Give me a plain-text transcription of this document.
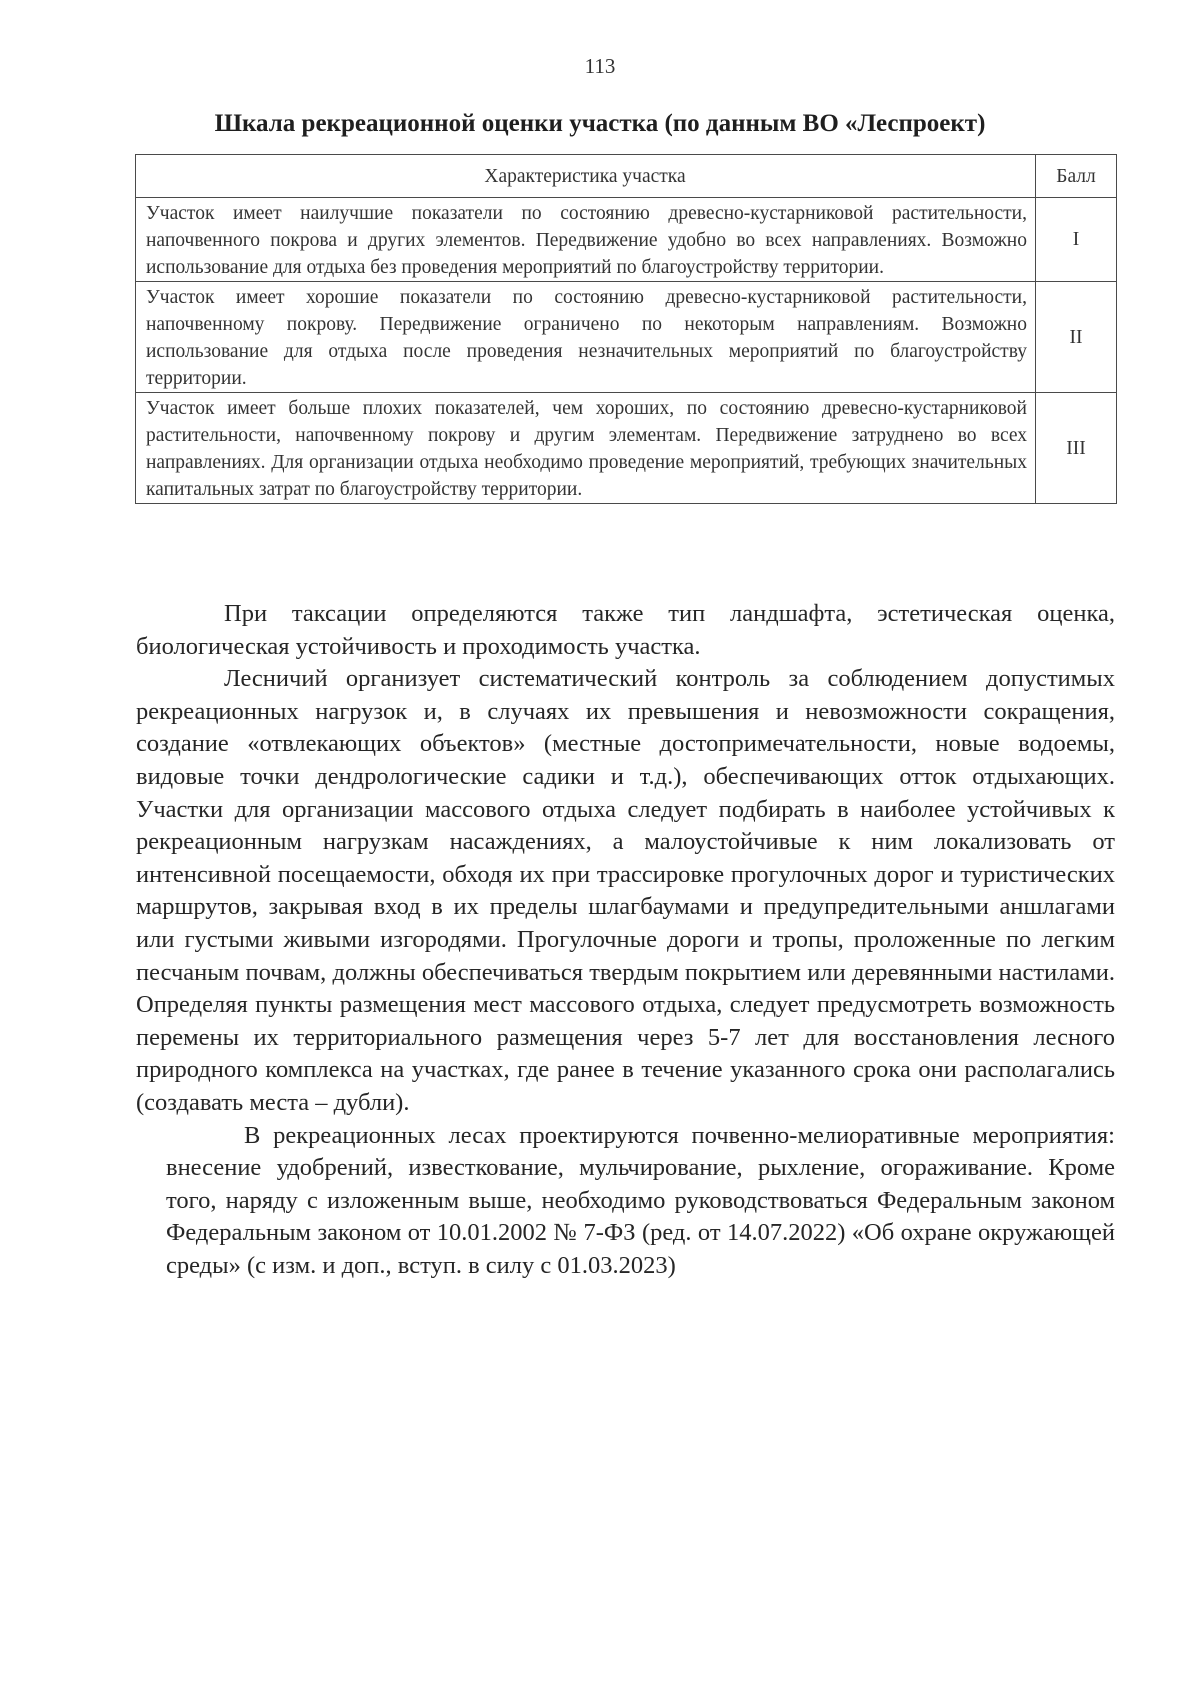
113
Шкала рекреационной оценки участка (по данным ВО «Леспроект)
Характеристика участка	Балл
Участок имеет наилучшие показатели по состоянию древесно-кустарниковой растительности, напочвенного покрова и других элементов. Передвижение удобно во всех направлениях. Возможно использование для отдыха без проведения мероприятий по благоустройству территории.	I
Участок имеет хорошие показатели по состоянию древесно-кустарниковой растительности, напочвенному покрову. Передвижение ограничено по некоторым направлениям. Возможно использование для отдыха после проведения незначительных мероприятий по благоустройству территории.	II
Участок имеет больше плохих показателей, чем хороших, по состоянию древесно-кустарниковой растительности, напочвенному покрову и другим элементам. Передвижение затруднено во всех направлениях. Для организации отдыха необходимо проведение мероприятий, требующих значительных капитальных затрат по благоустройству территории.	III

При таксации определяются также тип ландшафта, эстетическая оценка, биологическая устойчивость и проходимость участка.

Лесничий организует систематический контроль за соблюдением допустимых рекреационных нагрузок и, в случаях их превышения и невозможности сокращения, создание «отвлекающих объектов» (местные достопримечательности, новые водоемы, видовые точки дендрологические садики и т.д.), обеспечивающих отток отдыхающих. Участки для организации массового отдыха следует подбирать в наиболее устойчивых к рекреационным нагрузкам насаждениях, а малоустойчивые к ним локализовать от интенсивной посещаемости, обходя их при трассировке прогулочных дорог и туристических маршрутов, закрывая вход в их пределы шлагбаумами и предупредительными аншлагами или густыми живыми изгородями. Прогулочные дороги и тропы, проложенные по легким песчаным почвам, должны обеспечиваться твердым покрытием или деревянными настилами. Определяя пункты размещения мест массового отдыха, следует предусмотреть возможность перемены их территориального размещения через 5-7 лет для восстановления лесного природного комплекса на участках, где ранее в течение указанного срока они располагались (создавать места – дубли).

В рекреационных лесах проектируются почвенно-мелиоративные мероприятия: внесение удобрений, известкование, мульчирование, рыхление, огораживание. Кроме того, наряду с изложенным выше, необходимо руководствоваться Федеральным законом Федеральным законом от 10.01.2002 № 7-ФЗ (ред. от 14.07.2022) «Об охране окружающей среды» (с изм. и доп., вступ. в силу с 01.03.2023)
